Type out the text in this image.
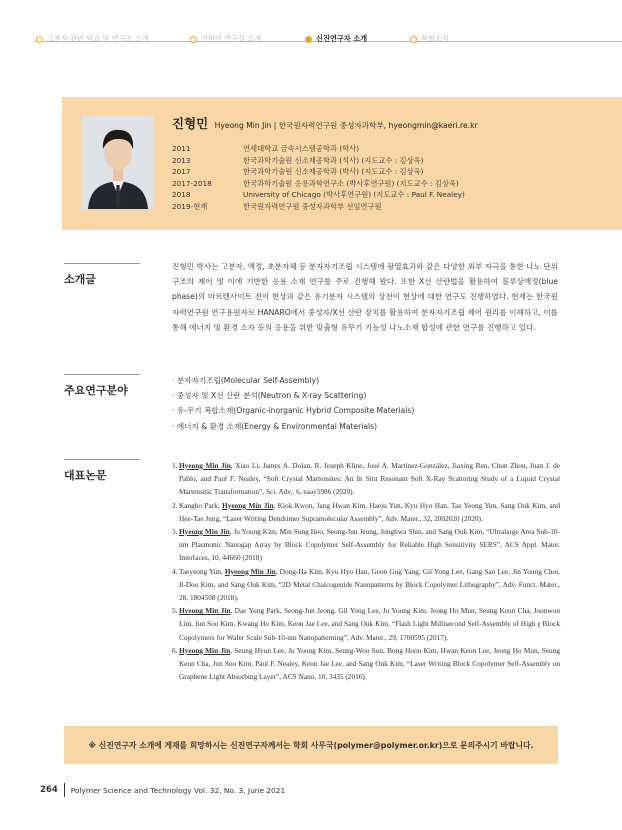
고분자 관련 학교 및 연구소 소개	신학연 연구실 소개	신진연구자 소개	학회소식
진형민 Hyeong Min Jin | 한국원자력연구원 중성자과학부, hyeongmin@kaeri.re.kr
2011	연세대학교 금속시스템공학과 (학사)
2013	한국과학기술원 신소재공학과 (석사) (지도교수 : 김상욱)
2017	한국과학기술원 신소재공학과 (박사) (지도교수 : 김상욱)
2017-2018	한국과학기술원 응용과학연구소 (박사후연구원) (지도교수 : 김상욱)
2018	University of Chicago (박사후연구원) (지도교수 : Paul F. Nealey)
2019-현재	한국원자력연구원 중성자과학부 선임연구원
소개글
진형민 박사는 고분자, 액정, 초분자체 등 분자자기조립 시스템에 광열효과와 같은 다양한 외부 자극을 통한 나노 단위 구조의 제어 및 이에 기반한 응용 소재 연구를 주로 진행해 왔다. 또한 X선 산란법을 활용하여 블루상액정(blue phase)의 마르텐사이트 전이 현상과 같은 유기분자 시스템의 상전이 현상에 대한 연구도 진행하였다. 현재는 한국원자력연구원 연구용원자로 HANARO에서 중성자/X선 산란 장치를 활용하여 분자자기조립 제어 원리를 이해하고, 이를 통해 에너지 및 환경 소자 등의 응용을 위한 맞춤형 유무기 기능성 나노소재 합성에 관한 연구를 진행하고 있다.
주요연구분야
· 분자자기조립(Molecular Self-Assembly)
· 중성자 및 X선 산란 분석(Neutron & X-ray Scattering)
· 유-무기 복합소재(Organic-inorganic Hybrid Composite Materials)
· 에너지 & 환경 소재(Energy & Environmental Materials)
대표논문
1. Hyeong Min Jin, Xiao Li, James A. Dolan, R. Joseph Kline, José A. Martínez-González, Jiaxing Ren, Chun Zhou, Juan J. de Pablo, and Paul F. Nealey, “Soft Crystal Martensites: An In Situ Resonant Soft X-Ray Scattering Study of a Liquid Crystal Martensitic Transformation”, Sci. Adv., 6, eaay5986 (2020).
2. Kangho Park, Hyeong Min Jin, Kiok Kwon, Jang Hwan Kim, Haeju Yun, Kyu Hyo Han, Tae Yeong Yun, Sang Ouk Kim, and Hee-Tae Jung, “Laser Writing Dendrimer Supramolecular Assembly”, Adv. Mater., 32, 2002620 (2020).
3. Hyeong Min Jin, Ju Young Kim, Min Sung Heo, Seong-Jun Jeong, Jonghwa Shin, and Sang Ouk Kim, “Ultralarge Area Sub-10-nm Plasmonic Nanogap Array by Block Copolymer Self-Assembly for Reliable High Sensitivity SERS”, ACS Appl. Mater. Interfaces, 10, 44660 (2018)
4. Taeyeong Yun, Hyeong Min Jin, Dong-Ha Kim, Kyu Hyo Han, Geon Gug Yang, Gil Yong Lee, Gang San Lee, Jin Young Choi, Il-Doo Kim, and Sang Ouk Kim, “2D Metal Chalcogenide Nanopatterns by Block Copolymer Lithography”, Adv. Funct. Mater., 28, 1804508 (2018).
5. Hyeong Min Jin, Dae Yong Park, Seong-Jun Jeong, Gil Yong Lee, Ju Young Kim, Jeong Ho Mun, Seung Keun Cha, Joonwon Lim, Jun Soo Kim, Kwang Ho Kim, Keon Jae Lee, and Sang Ouk Kim, “Flash Light Millisecond Self-Assembly of High χ Block Copolymers for Wafer Scale Sub-10-nm Nanopatterning”, Adv. Mater., 29, 1700595 (2017).
6. Hyeong Min Jin, Seung Hyun Lee, Ju Young Kim, Seung-Woo Son, Bong Hoon Kim, Hwan Keon Lee, Jeong Ho Mun, Seung Keun Cha, Jun Soo Kim, Paul F. Nealey, Keon Jae Lee, and Sang Ouk Kim, “Laser Writing Block Copolymer Self-Assembly on Graphene Light Absorbing Layer”, ACS Nano, 10, 3435 (2016).
※ 신진연구자 소개에 게재를 희망하시는 신진연구자께서는 학회 사무국(polymer@polymer.or.kr)으로 문의주시기 바랍니다.
264 Polymer Science and Technology Vol. 32, No. 3, June 2021
